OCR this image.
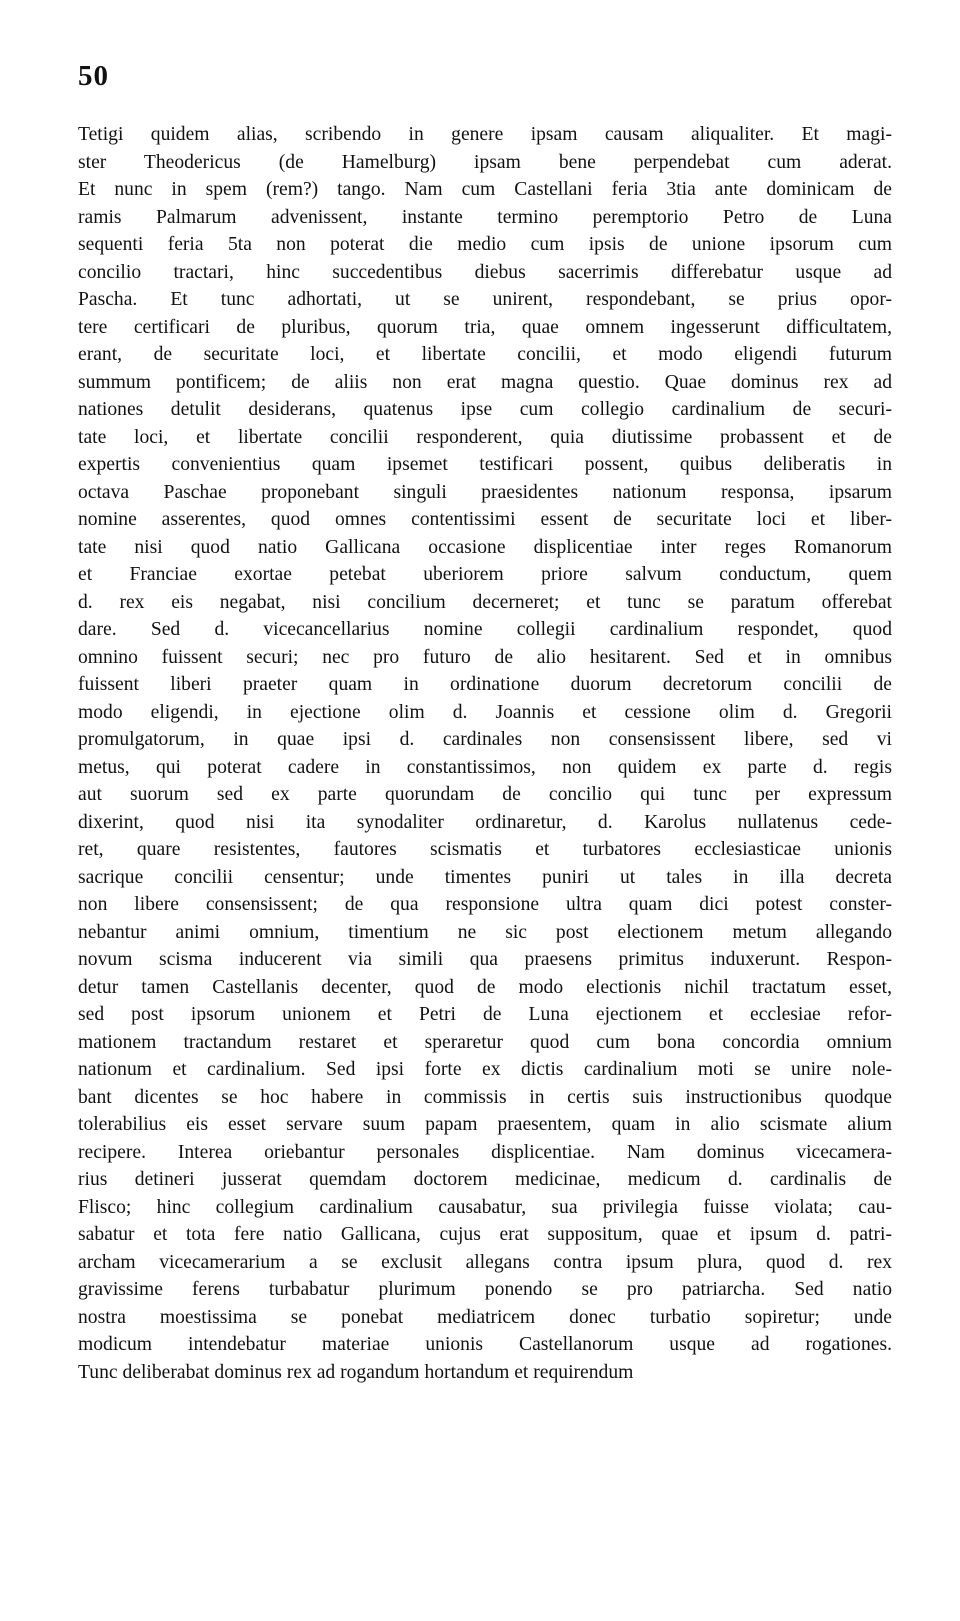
50
Tetigi quidem alias, scribendo in genere ipsam causam aliqualiter. Et magi-
ster Theodericus (de Hamelburg) ipsam bene perpendebat cum aderat.
Et nunc in spem (rem?) tango. Nam cum Castellani feria 3tia ante dominicam de
ramis Palmarum advenissent, instante termino peremptorio Petro de Luna
sequenti feria 5ta non poterat die medio cum ipsis de unione ipsorum cum
concilio tractari, hinc succedentibus diebus sacerrimis differebatur usque ad
Pascha. Et tunc adhortati, ut se unirent, respondebant, se prius opor-
tere certificari de pluribus, quorum tria, quae omnem ingesserunt difficultatem,
erant, de securitate loci, et libertate concilii, et modo eligendi futurum
summum pontificem; de aliis non erat magna questio. Quae dominus rex ad
nationes detulit desiderans, quatenus ipse cum collegio cardinalium de securi-
tate loci, et libertate concilii responderent, quia diutissime probassent et de
expertis convenientius quam ipsemet testificari possent, quibus deliberatis in
octava Paschae proponebant singuli praesidentes nationum responsa, ipsarum
nomine asserentes, quod omnes contentissimi essent de securitate loci et liber-
tate nisi quod natio Gallicana occasione displicentiae inter reges Romanorum
et Franciae exortae petebat uberiorem priore salvum conductum, quem
d. rex eis negabat, nisi concilium decerneret; et tunc se paratum offerebat
dare. Sed d. vicecancellarius nomine collegii cardinalium respondet, quod
omnino fuissent securi; nec pro futuro de alio hesitarent. Sed et in omnibus
fuissent liberi praeter quam in ordinatione duorum decretorum concilii de
modo eligendi, in ejectione olim d. Joannis et cessione olim d. Gregorii
promulgatorum, in quae ipsi d. cardinales non consensissent libere, sed vi
metus, qui poterat cadere in constantissimos, non quidem ex parte d. regis
aut suorum sed ex parte quorundam de concilio qui tunc per expressum
dixerint, quod nisi ita synodaliter ordinaretur, d. Karolus nullatenus cede-
ret, quare resistentes, fautores scismatis et turbatores ecclesiasticae unionis
sacrique concilii censentur; unde timentes puniri ut tales in illa decreta
non libere consensissent; de qua responsione ultra quam dici potest conster-
nebantur animi omnium, timentium ne sic post electionem metum allegando
novum scisma inducerent via simili qua praesens primitus induxerunt. Respon-
detur tamen Castellanis decenter, quod de modo electionis nichil tractatum esset,
sed post ipsorum unionem et Petri de Luna ejectionem et ecclesiae refor-
mationem tractandum restaret et speraretur quod cum bona concordia omnium
nationum et cardinalium. Sed ipsi forte ex dictis cardinalium moti se unire nole-
bant dicentes se hoc habere in commissis in certis suis instructionibus quodque
tolerabilius eis esset servare suum papam praesentem, quam in alio scismate alium
recipere. Interea oriebantur personales displicentiae. Nam dominus vicecamera-
rius detineri jusserat quemdam doctorem medicinae, medicum d. cardinalis de
Flisco; hinc collegium cardinalium causabatur, sua privilegia fuisse violata; cau-
sabatur et tota fere natio Gallicana, cujus erat suppositum, quae et ipsum d. patri-
archam vicecamerarium a se exclusit allegans contra ipsum plura, quod d. rex
gravissime ferens turbabatur plurimum ponendo se pro patriarcha. Sed natio
nostra moestissima se ponebat mediatricem donec turbatio sopiretur; unde
modicum intendebatur materiae unionis Castellanorum usque ad rogationes.
Tunc deliberabat dominus rex ad rogandum hortandum et requirendum
